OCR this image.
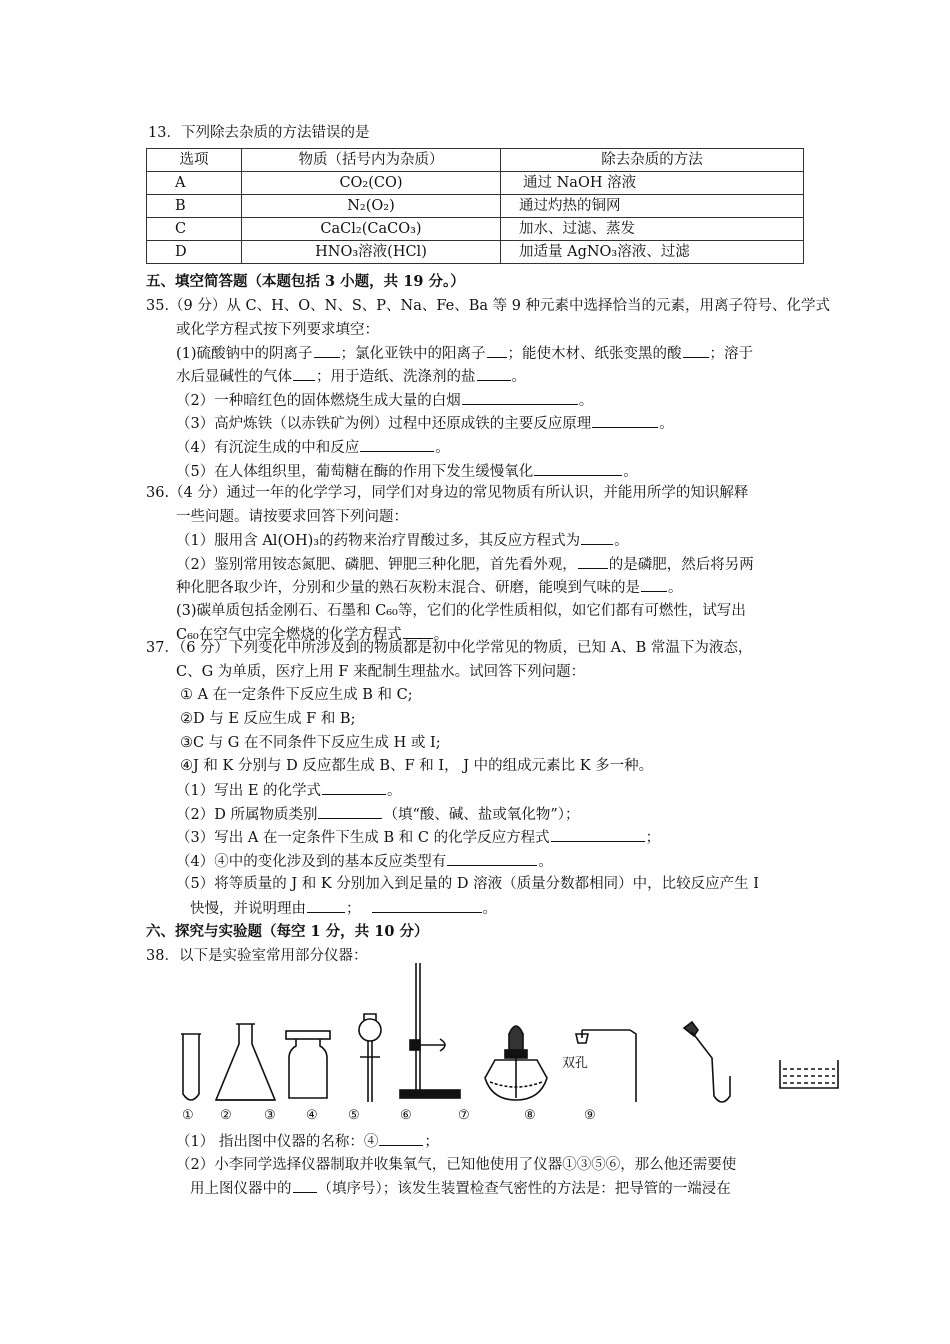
13．下列除去杂质的方法错误的是
选项	物质（括号内为杂质）	除去杂质的方法
A	CO₂(CO)	通过 NaOH 溶液
B	N₂(O₂)	通过灼热的铜网
C	CaCl₂(CaCO₃)	加水、过滤、蒸发
D	HNO₃溶液(HCl)	加适量 AgNO₃溶液、过滤
五、填空简答题（本题包括 3 小题，共 19 分。）
35.（9 分）从 C、H、O、N、S、P、Na、Fe、Ba 等 9 种元素中选择恰当的元素，用离子符号、化学式
或化学方程式按下列要求填空：
(1)硫酸钠中的阴离子 ；氯化亚铁中的阳离子 ；能使木材、纸张变黑的酸 ；溶于
水后显碱性的气体 ；用于造纸、洗涤剂的盐 。
（2）一种暗红色的固体燃烧生成大量的白烟	。
（3）高炉炼铁（以赤铁矿为例）过程中还原成铁的主要反应原理	。
（4）有沉淀生成的中和反应	。
（5）在人体组织里，葡萄糖在酶的作用下发生缓慢氧化	。
36.（4 分）通过一年的化学学习，同学们对身边的常见物质有所认识，并能用所学的知识解释
一些问题。请按要求回答下列问题：
（1）服用含 Al(OH)₃的药物来治疗胃酸过多，其反应方程式为 。
（2）鉴别常用铵态氮肥、磷肥、钾肥三种化肥，首先看外观， 的是磷肥，然后将另两
种化肥各取少许，分别和少量的熟石灰粉末混合、研磨，能嗅到气味的是 。
(3)碳单质包括金刚石、石墨和 C₆₀等，它们的化学性质相似，如它们都有可燃性，试写出
C₆₀在空气中完全燃烧的化学方程式 。
37．（6 分）下列变化中所涉及到的物质都是初中化学常见的物质，已知 A、B 常温下为液态，
C、G 为单质，医疗上用 F 来配制生理盐水。试回答下列问题：
① A 在一定条件下反应生成 B 和 C;
②D 与 E 反应生成 F 和 B;
③C 与 G 在不同条件下反应生成 H 或 I;
④J 和 K 分别与 D 反应都生成 B、F 和 I， J 中的组成元素比 K 多一种。
（1）写出 E 的化学式	。
（2）D 所属物质类别	（填“酸、碱、盐或氧化物”）；
（3）写出 A 在一定条件下生成 B 和 C 的化学反应方程式	；
（4）④中的变化涉及到的基本反应类型有	。
（5）将等质量的 J 和 K 分别加入到足量的 D 溶液（质量分数都相同）中，比较反应产生 I
快慢，并说明理由	；	。
六、探究与实验题（每空 1 分，共 10 分）
38．以下是实验室常用部分仪器：
双孔
① ② ③ ④ ⑤	⑥	⑦	⑧	⑨
（1） 指出图中仪器的名称：④	；
（2）小李同学选择仪器制取并收集氧气，已知他使用了仪器①③⑤⑥，那么他还需要使
用上图仪器中的 （填序号）；该发生装置检查气密性的方法是：把导管的一端浸在
